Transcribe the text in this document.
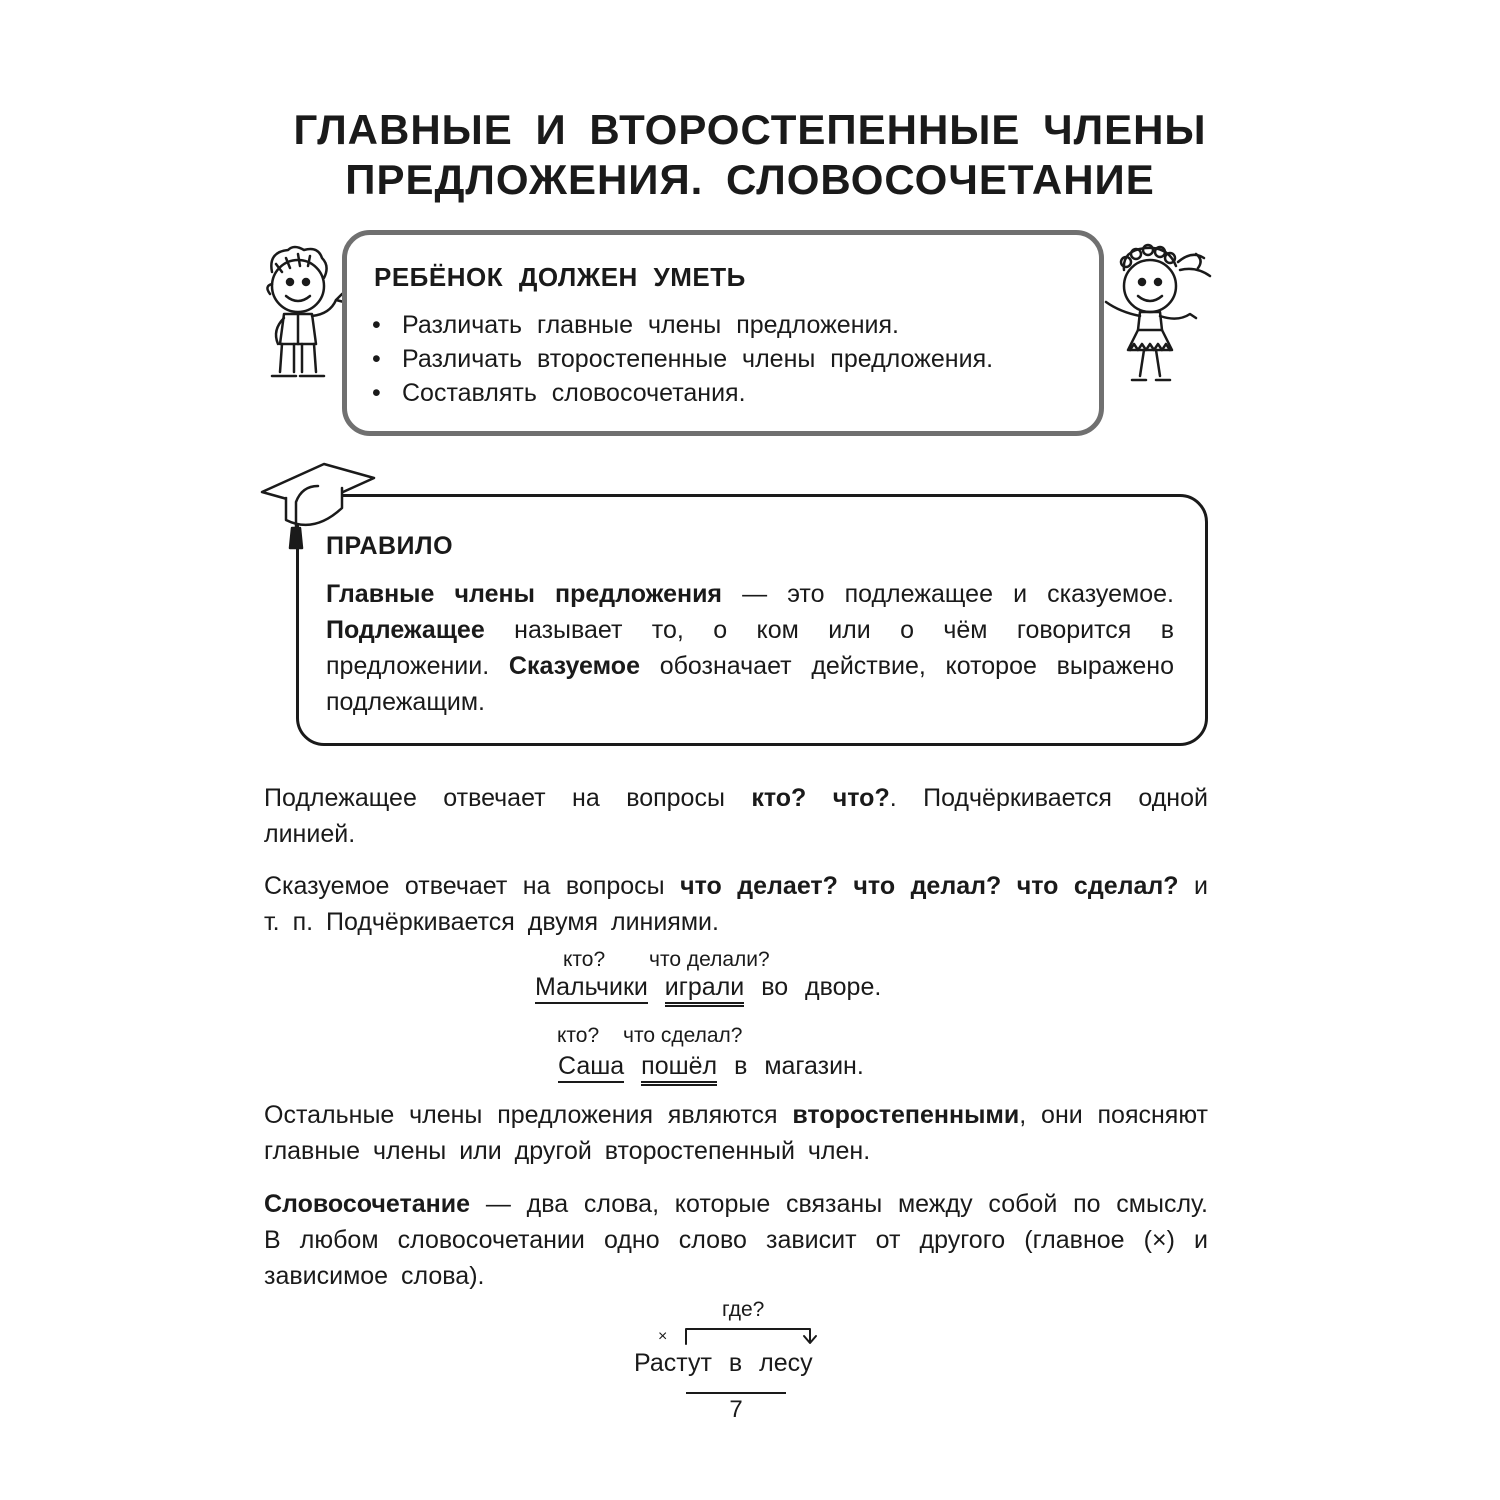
ГЛАВНЫЕ И ВТОРОСТЕПЕННЫЕ ЧЛЕНЫ
ПРЕДЛОЖЕНИЯ. СЛОВОСОЧЕТАНИЕ
РЕБЁНОК ДОЛЖЕН УМЕТЬ
• Различать главные члены предложения.
• Различать второстепенные члены предложения.
• Составлять словосочетания.
ПРАВИЛО
Главные члены предложения — это подлежащее и сказуемое. Подлежащее называет то, о ком или о чём говорится в предложении. Сказуемое обозначает действие, которое выражено подлежащим.
Подлежащее отвечает на вопросы кто? что?. Подчёркивается одной линией.
Сказуемое отвечает на вопросы что делает? что делал? что сделал? и т. п. Подчёркивается двумя линиями.
кто? что делали?
Мальчики играли во дворе.
кто? что сделал?
Саша пошёл в магазин.
Остальные члены предложения являются второстепенными, они поясняют главные члены или другой второстепенный член.
Словосочетание — два слова, которые связаны между собой по смыслу. В любом словосочетании одно слово зависит от другого (главное (×) и зависимое слова).
где?
×
Растут в лесу
7
